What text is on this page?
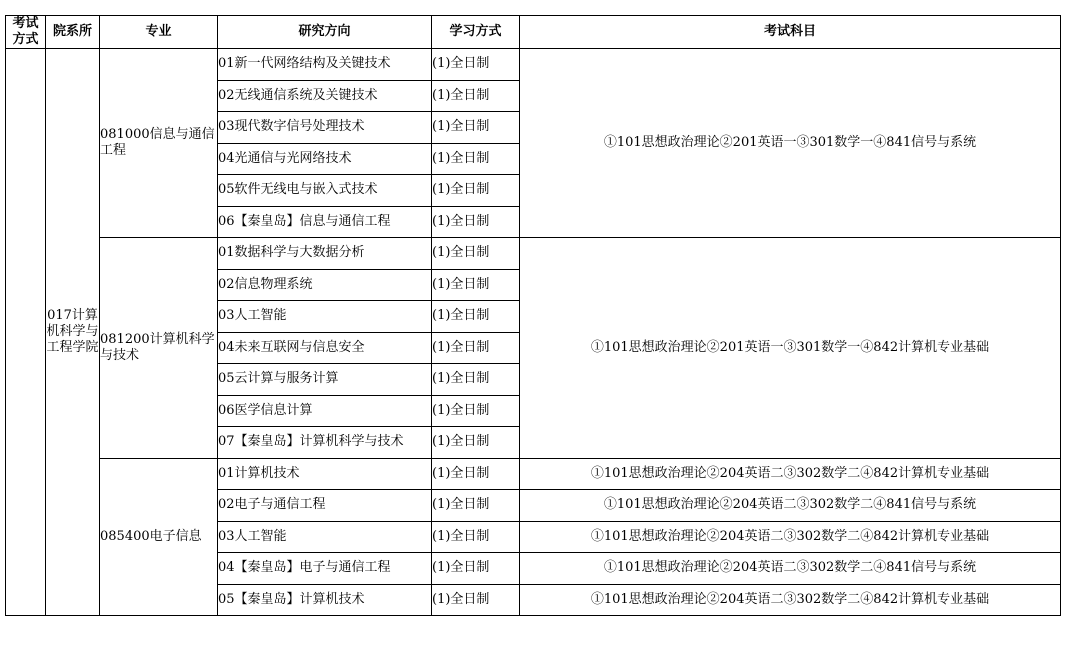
考试
方式	院系所	专业	研究方向	学习方式	考试科目
	017计算机科学与工程学院	081000信息与通信工程	01新一代网络结构及关键技术	(1)全日制	①101思想政治理论②201英语一③301数学一④841信号与系统
			02无线通信系统及关键技术	(1)全日制	
			03现代数字信号处理技术	(1)全日制	
			04光通信与光网络技术	(1)全日制	
			05软件无线电与嵌入式技术	(1)全日制	
			06【秦皇岛】信息与通信工程	(1)全日制	
		081200计算机科学与技术	01数据科学与大数据分析	(1)全日制	①101思想政治理论②201英语一③301数学一④842计算机专业基础
			02信息物理系统	(1)全日制	
			03人工智能	(1)全日制	
			04未来互联网与信息安全	(1)全日制	
			05云计算与服务计算	(1)全日制	
			06医学信息计算	(1)全日制	
			07【秦皇岛】计算机科学与技术	(1)全日制	
		085400电子信息	01计算机技术	(1)全日制	①101思想政治理论②204英语二③302数学二④842计算机专业基础
			02电子与通信工程	(1)全日制	①101思想政治理论②204英语二③302数学二④841信号与系统
			03人工智能	(1)全日制	①101思想政治理论②204英语二③302数学二④842计算机专业基础
			04【秦皇岛】电子与通信工程	(1)全日制	①101思想政治理论②204英语二③302数学二④841信号与系统
			05【秦皇岛】计算机技术	(1)全日制	①101思想政治理论②204英语二③302数学二④842计算机专业基础
